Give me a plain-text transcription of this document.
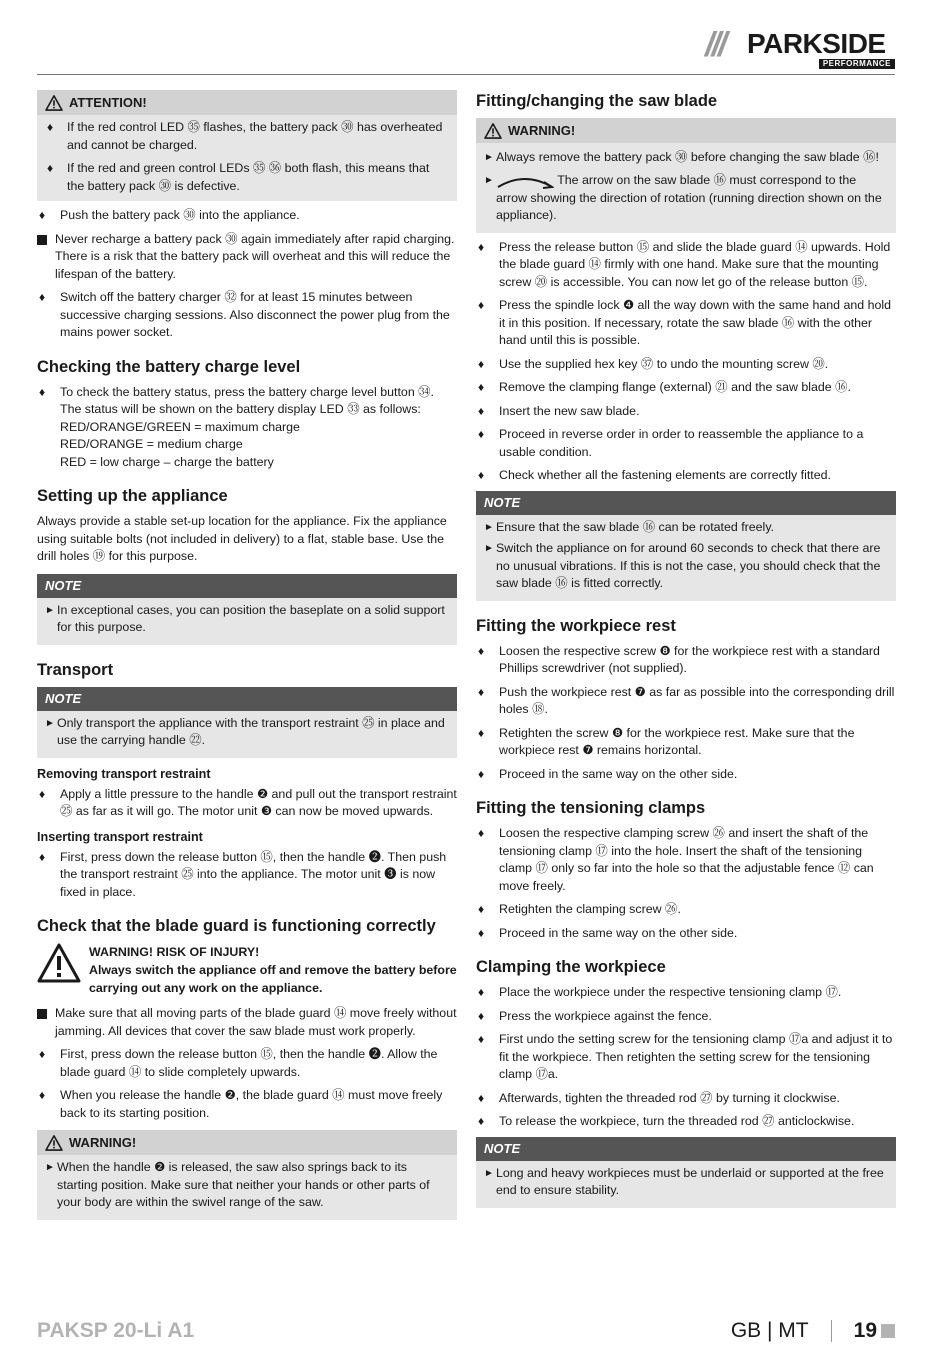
/// PARKSIDE
PERFORMANCE
ATTENTION!
♦ If the red control LED ㉟ flashes, the battery pack ㉚ has overheated and cannot be charged.
♦ If the red and green control LEDs ㉟ ㊱ both flash, this means that the battery pack ㉚ is defective.
♦ Push the battery pack ㉚ into the appliance.
Never recharge a battery pack ㉚ again immediately after rapid charging. There is a risk that the battery pack will overheat and this will reduce the lifespan of the battery.
♦ Switch off the battery charger ㉜ for at least 15 minutes between successive charging sessions. Also disconnect the power plug from the mains power socket.
Checking the battery charge level
♦ To check the battery status, press the battery charge level button ㉞.
The status will be shown on the battery display LED ㉝ as follows:
RED/ORANGE/GREEN = maximum charge
RED/ORANGE = medium charge
RED = low charge – charge the battery
Setting up the appliance

Always provide a stable set-up location for the appliance. Fix the appliance using suitable bolts (not included in delivery) to a flat, stable base. Use the drill holes ⑲ for this purpose.

NOTE
► In exceptional cases, you can position the baseplate on a solid support for this purpose.
Transport
NOTE
► Only transport the appliance with the transport restraint ㉕ in place and use the carrying handle ㉒.
Removing transport restraint
♦ Apply a little pressure to the handle ❷ and pull out the transport restraint ㉕ as far as it will go. The motor unit ❸ can now be moved upwards.
Inserting transport restraint
♦ First, press down the release button ⑮, then the handle ❷. Then push the transport restraint ㉕ into the appliance. The motor unit ❸ is now fixed in place.
Check that the blade guard is functioning correctly
WARNING! RISK OF INJURY!
Always switch the appliance off and remove the battery before carrying out any work on the appliance.
Make sure that all moving parts of the blade guard ⑭ move freely without jamming. All devices that cover the saw blade must work properly.
♦ First, press down the release button ⑮, then the handle ❷. Allow the blade guard ⑭ to slide completely upwards.
♦ When you release the handle ❷, the blade guard ⑭ must move freely back to its starting position.
WARNING!
► When the handle ❷ is released, the saw also springs back to its starting position. Make sure that neither your hands or other parts of your body are within the swivel range of the saw.
Fitting/changing the saw blade
WARNING!
► Always remove the battery pack ㉚ before changing the saw blade ⑯!
►	The arrow on the saw blade ⑯ must correspond to the arrow showing the direction of rotation (running direction shown on the appliance).
♦ Press the release button ⑮ and slide the blade guard ⑭ upwards. Hold the blade guard ⑭ firmly with one hand. Make sure that the mounting screw ⑳ is accessible. You can now let go of the release button ⑮.
♦ Press the spindle lock ❹ all the way down with the same hand and hold it in this position. If necessary, rotate the saw blade ⑯ with the other hand until this is possible.
♦ Use the supplied hex key ㊲ to undo the mounting screw ⑳.
♦ Remove the clamping flange (external) ㉑ and the saw blade ⑯.
♦ Insert the new saw blade.
♦ Proceed in reverse order in order to reassemble the appliance to a usable condition.
♦ Check whether all the fastening elements are correctly fitted.
NOTE
► Ensure that the saw blade ⑯ can be rotated freely.
► Switch the appliance on for around 60 seconds to check that there are no unusual vibrations. If this is not the case, you should check that the saw blade ⑯ is fitted correctly.
Fitting the workpiece rest
♦ Loosen the respective screw ❽ for the workpiece rest with a standard Phillips screwdriver (not supplied).
♦ Push the workpiece rest ❼ as far as possible into the corresponding drill holes ⑱.
♦ Retighten the screw ❽ for the workpiece rest. Make sure that the workpiece rest ❼ remains horizontal.
♦ Proceed in the same way on the other side.
Fitting the tensioning clamps
♦ Loosen the respective clamping screw ㉖ and insert the shaft of the tensioning clamp ⑰ into the hole. Insert the shaft of the tensioning clamp ⑰ only so far into the hole so that the adjustable fence ⑫ can move freely.
♦ Retighten the clamping screw ㉖.
♦ Proceed in the same way on the other side.
Clamping the workpiece
♦ Place the workpiece under the respective tensioning clamp ⑰.
♦ Press the workpiece against the fence.
♦ First undo the setting screw for the tensioning clamp ⑰a and adjust it to fit the workpiece. Then retighten the setting screw for the tensioning clamp ⑰a.
♦ Afterwards, tighten the threaded rod ㉗ by turning it clockwise.
♦ To release the workpiece, turn the threaded rod ㉗ anticlockwise.
NOTE
► Long and heavy workpieces must be underlaid or supported at the free end to ensure stability.
PAKSP 20-Li A1	GB | MT 19
